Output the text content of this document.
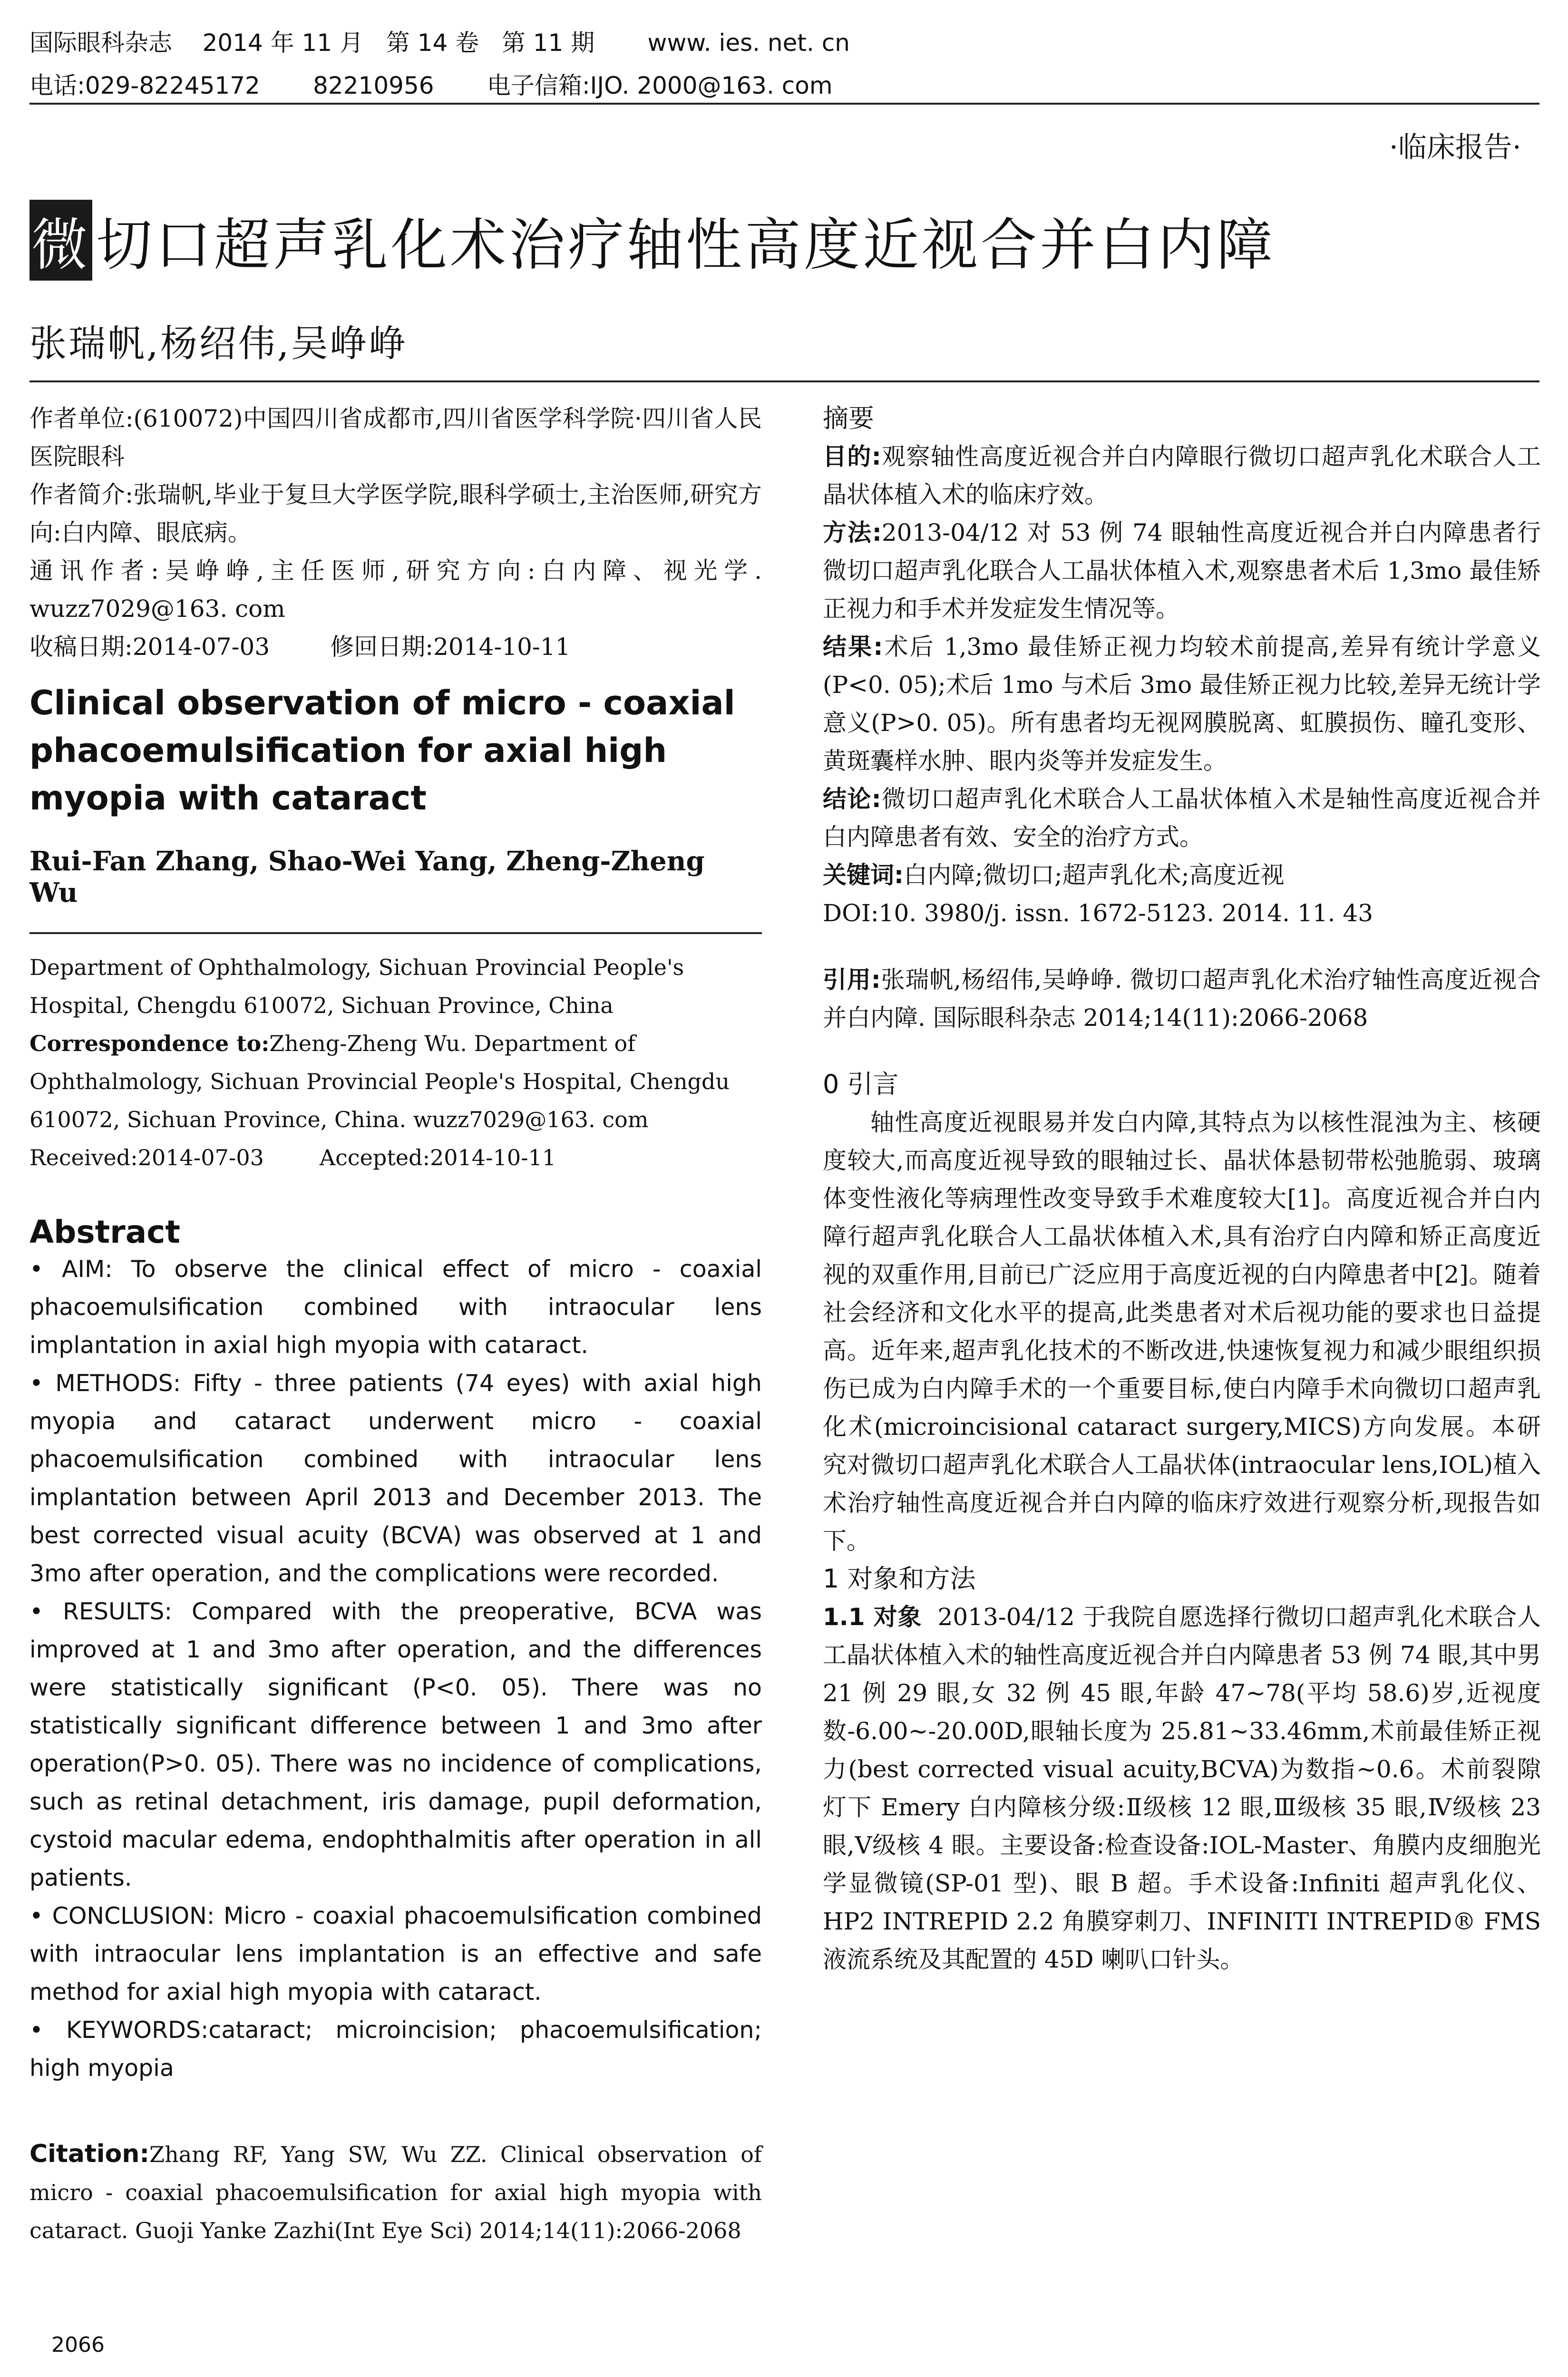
国际眼科杂志    2014 年 11 月   第 14 卷   第 11 期       www. ies. net. cn
电话:029-82245172       82210956       电子信箱:IJO. 2000@163. com
·临床报告·
微 切口超声乳化术治疗轴性高度近视合并白内障
张瑞帆,杨绍伟,吴峥峥

作者单位:(610072)中国四川省成都市,四川省医学科学院·四川省人民医院眼科

作者简介:张瑞帆,毕业于复旦大学医学院,眼科学硕士,主治医师,研究方向:白内障、眼底病。

通讯作者:吴峥峥,主任医师,研究方向:白内障、视光学. wuzz7029@163. com

收稿日期:2014-07-03        修回日期:2014-10-11

Clinical observation of micro - coaxial phacoemulsification for axial high myopia with cataract
Rui-Fan Zhang, Shao-Wei Yang, Zheng-Zheng Wu

Department of Ophthalmology, Sichuan Provincial People's Hospital, Chengdu 610072, Sichuan Province, China

Correspondence to:Zheng-Zheng Wu. Department of Ophthalmology, Sichuan Provincial People's Hospital, Chengdu 610072, Sichuan Province, China. wuzz7029@163. com

Received:2014-07-03        Accepted:2014-10-11

Abstract

• AIM: To observe the clinical effect of micro - coaxial phacoemulsification combined with intraocular lens implantation in axial high myopia with cataract.

• METHODS: Fifty - three patients (74 eyes) with axial high myopia and cataract underwent micro - coaxial phacoemulsification combined with intraocular lens implantation between April 2013 and December 2013. The best corrected visual acuity (BCVA) was observed at 1 and 3mo after operation, and the complications were recorded.

• RESULTS: Compared with the preoperative, BCVA was improved at 1 and 3mo after operation, and the differences were statistically significant (P<0. 05). There was no statistically significant difference between 1 and 3mo after operation(P>0. 05). There was no incidence of complications, such as retinal detachment, iris damage, pupil deformation, cystoid macular edema, endophthalmitis after operation in all patients.

• CONCLUSION: Micro - coaxial phacoemulsification combined with intraocular lens implantation is an effective and safe method for axial high myopia with cataract.

• KEYWORDS:cataract; microincision; phacoemulsification; high myopia

Citation:Zhang RF, Yang SW, Wu ZZ. Clinical observation of micro - coaxial phacoemulsification for axial high myopia with cataract. Guoji Yanke Zazhi(Int Eye Sci) 2014;14(11):2066-2068

摘要

目的:观察轴性高度近视合并白内障眼行微切口超声乳化术联合人工晶状体植入术的临床疗效。

方法:2013-04/12 对 53 例 74 眼轴性高度近视合并白内障患者行微切口超声乳化联合人工晶状体植入术,观察患者术后 1,3mo 最佳矫正视力和手术并发症发生情况等。

结果:术后 1,3mo 最佳矫正视力均较术前提高,差异有统计学意义(P<0. 05);术后 1mo 与术后 3mo 最佳矫正视力比较,差异无统计学意义(P>0. 05)。所有患者均无视网膜脱离、虹膜损伤、瞳孔变形、黄斑囊样水肿、眼内炎等并发症发生。

结论:微切口超声乳化术联合人工晶状体植入术是轴性高度近视合并白内障患者有效、安全的治疗方式。

关键词:白内障;微切口;超声乳化术;高度近视

DOI:10. 3980/j. issn. 1672-5123. 2014. 11. 43

引用:张瑞帆,杨绍伟,吴峥峥. 微切口超声乳化术治疗轴性高度近视合并白内障. 国际眼科杂志 2014;14(11):2066-2068

0 引言

轴性高度近视眼易并发白内障,其特点为以核性混浊为主、核硬度较大,而高度近视导致的眼轴过长、晶状体悬韧带松弛脆弱、玻璃体变性液化等病理性改变导致手术难度较大[1]。高度近视合并白内障行超声乳化联合人工晶状体植入术,具有治疗白内障和矫正高度近视的双重作用,目前已广泛应用于高度近视的白内障患者中[2]。随着社会经济和文化水平的提高,此类患者对术后视功能的要求也日益提高。近年来,超声乳化技术的不断改进,快速恢复视力和减少眼组织损伤已成为白内障手术的一个重要目标,使白内障手术向微切口超声乳化术(microincisional cataract surgery,MICS)方向发展。本研究对微切口超声乳化术联合人工晶状体(intraocular lens,IOL)植入术治疗轴性高度近视合并白内障的临床疗效进行观察分析,现报告如下。

1 对象和方法

1.1 对象 2013-04/12 于我院自愿选择行微切口超声乳化术联合人工晶状体植入术的轴性高度近视合并白内障患者 53 例 74 眼,其中男 21 例 29 眼,女 32 例 45 眼,年龄 47~78(平均 58.6)岁,近视度数-6.00~-20.00D,眼轴长度为 25.81~33.46mm,术前最佳矫正视力(best corrected visual acuity,BCVA)为数指~0.6。术前裂隙灯下 Emery 白内障核分级:Ⅱ级核 12 眼,Ⅲ级核 35 眼,Ⅳ级核 23 眼,Ⅴ级核 4 眼。主要设备:检查设备:IOL-Master、角膜内皮细胞光学显微镜(SP-01 型)、眼 B 超。手术设备:Infiniti 超声乳化仪、HP2 INTREPID 2.2 角膜穿刺刀、INFINITI INTREPID® FMS 液流系统及其配置的 45D 喇叭口针头。

2066
